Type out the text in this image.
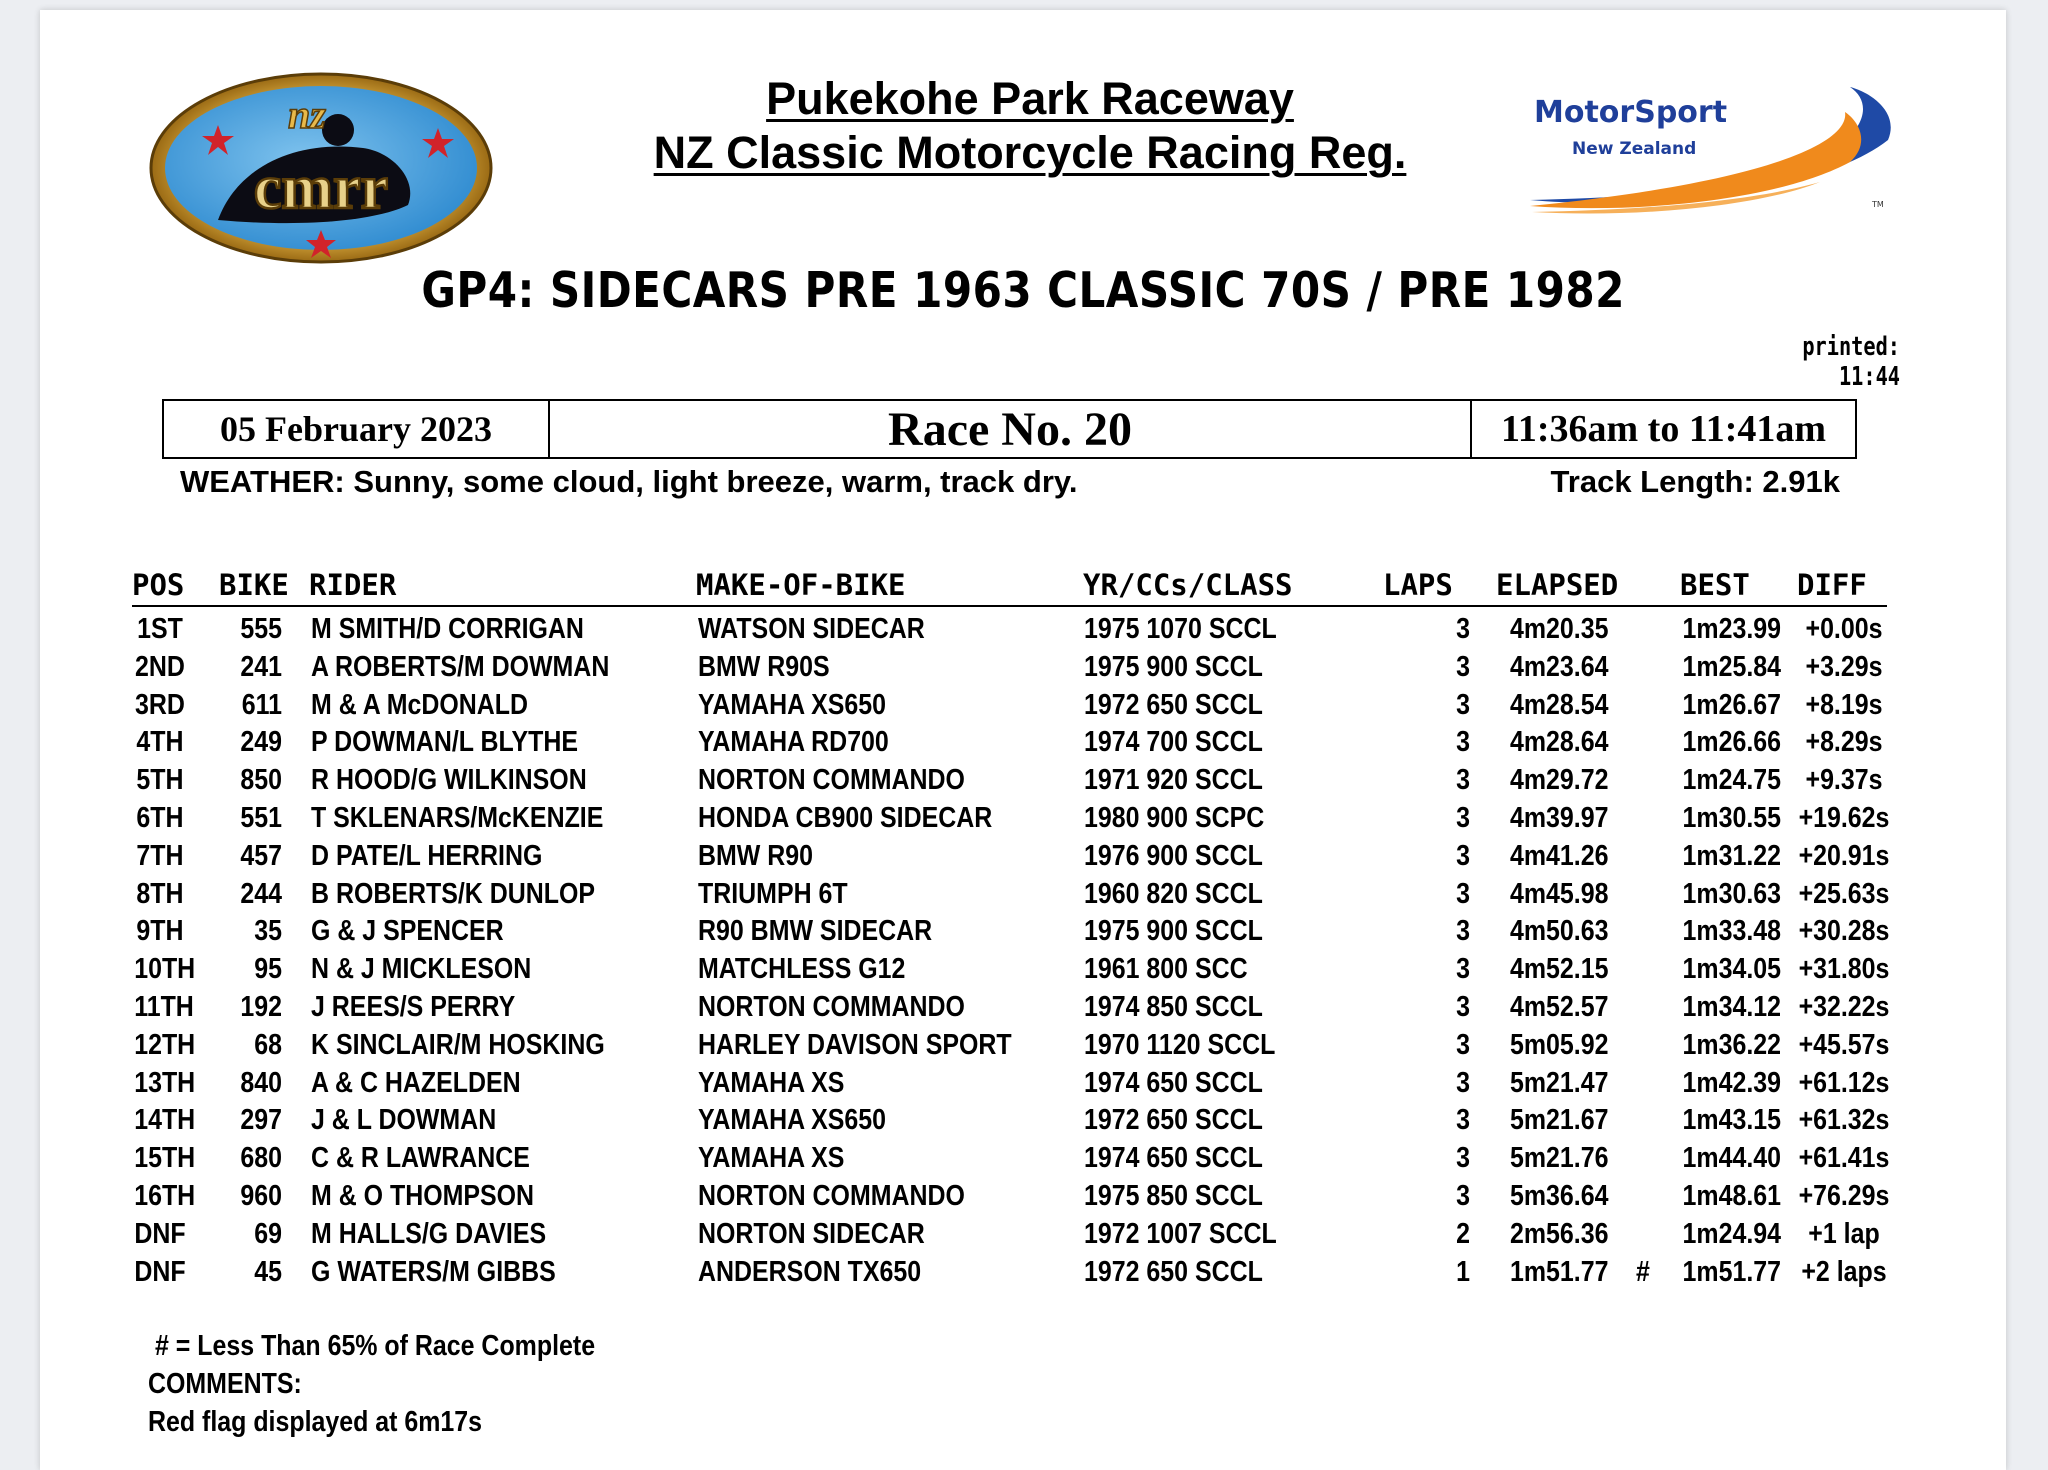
nz
cmrr
Pukekohe Park Raceway
NZ Classic Motorcycle Racing Reg.
MotorSport
New Zealand
TM
GP4: SIDECARS PRE 1963 CLASSIC 70S / PRE 1982
printed: 11:44
05 February 2023	Race No. 20	11:36am to 11:41am
WEATHER: Sunny, some cloud, light breeze, warm, track dry.	Track Length: 2.91k
POS BIKE RIDER	MAKE-OF-BIKE	YR/CCs/CLASS	LAPS ELAPSED BEST DIFF
1ST	555 M SMITH/D CORRIGAN	WATSON SIDECAR	1975 1070 SCCL	3 4m20.35	1m23.99 +0.00s
2ND	241 A ROBERTS/M DOWMAN	BMW R90S	1975 900 SCCL	3 4m23.64	1m25.84 +3.29s
3RD	611 M & A McDONALD	YAMAHA XS650	1972 650 SCCL	3 4m28.54	1m26.67 +8.19s
4TH	249 P DOWMAN/L BLYTHE	YAMAHA RD700	1974 700 SCCL	3 4m28.64	1m26.66 +8.29s
5TH	850 R HOOD/G WILKINSON	NORTON COMMANDO	1971 920 SCCL	3 4m29.72	1m24.75 +9.37s
6TH	551 T SKLENARS/McKENZIE	HONDA CB900 SIDECAR	1980 900 SCPC	3 4m39.97	1m30.55 +19.62s
7TH	457 D PATE/L HERRING	BMW R90	1976 900 SCCL	3 4m41.26	1m31.22 +20.91s
8TH	244 B ROBERTS/K DUNLOP	TRIUMPH 6T	1960 820 SCCL	3 4m45.98	1m30.63 +25.63s
9TH	35 G & J SPENCER	R90 BMW SIDECAR	1975 900 SCCL	3 4m50.63	1m33.48 +30.28s
10TH	95 N & J MICKLESON	MATCHLESS G12	1961 800 SCC	3 4m52.15	1m34.05 +31.80s
11TH	192 J REES/S PERRY	NORTON COMMANDO	1974 850 SCCL	3 4m52.57	1m34.12 +32.22s
12TH	68 K SINCLAIR/M HOSKING	HARLEY DAVISON SPORT 1970 1120 SCCL	3 5m05.92	1m36.22 +45.57s
13TH	840 A & C HAZELDEN	YAMAHA XS	1974 650 SCCL	3 5m21.47	1m42.39 +61.12s
14TH	297 J & L DOWMAN	YAMAHA XS650	1972 650 SCCL	3 5m21.67	1m43.15 +61.32s
15TH	680 C & R LAWRANCE	YAMAHA XS	1974 650 SCCL	3 5m21.76	1m44.40 +61.41s
16TH	960 M & O THOMPSON	NORTON COMMANDO	1975 850 SCCL	3 5m36.64	1m48.61 +76.29s
DNF	69 M HALLS/G DAVIES	NORTON SIDECAR	1972 1007 SCCL	2 2m56.36	1m24.94 +1 lap
DNF	45 G WATERS/M GIBBS	ANDERSON TX650	1972 650 SCCL	1 1m51.77 # 1m51.77 +2 laps
# = Less Than 65% of Race Complete
COMMENTS:
Red flag displayed at 6m17s
